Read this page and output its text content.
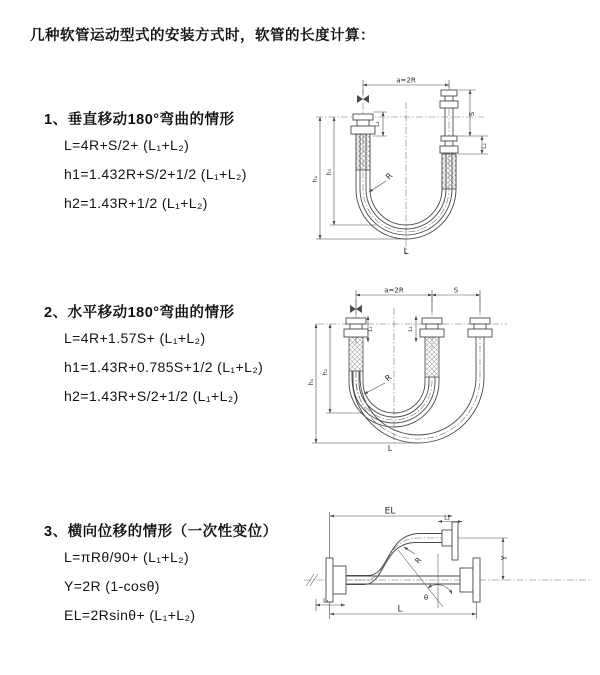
几种软管运动型式的安装方式时，软管的长度计算：
1、垂直移动180°弯曲的情形
L=4R+S/2+ (L₁+L₂)
h1=1.432R+S/2+1/2 (L₁+L₂)
h2=1.43R+1/2 (L₁+L₂)
2、水平移动180°弯曲的情形
L=4R+1.57S+ (L₁+L₂)
h1=1.43R+0.785S+1/2 (L₁+L₂)
h2=1.43R+S/2+1/2 (L₁+L₂)
3、横向位移的情形（一次性变位）
L=πRθ/90+ (L₁+L₂)
Y=2R (1-cosθ)
EL=2Rsinθ+ (L₁+L₂)
a=2R
L₁
S
L₂
h₁
h₂	R
L
a=2R	S
L₁	L₂
h₁
h₂
R
L
θ
EL
L₂
Y
L
L₁
R
